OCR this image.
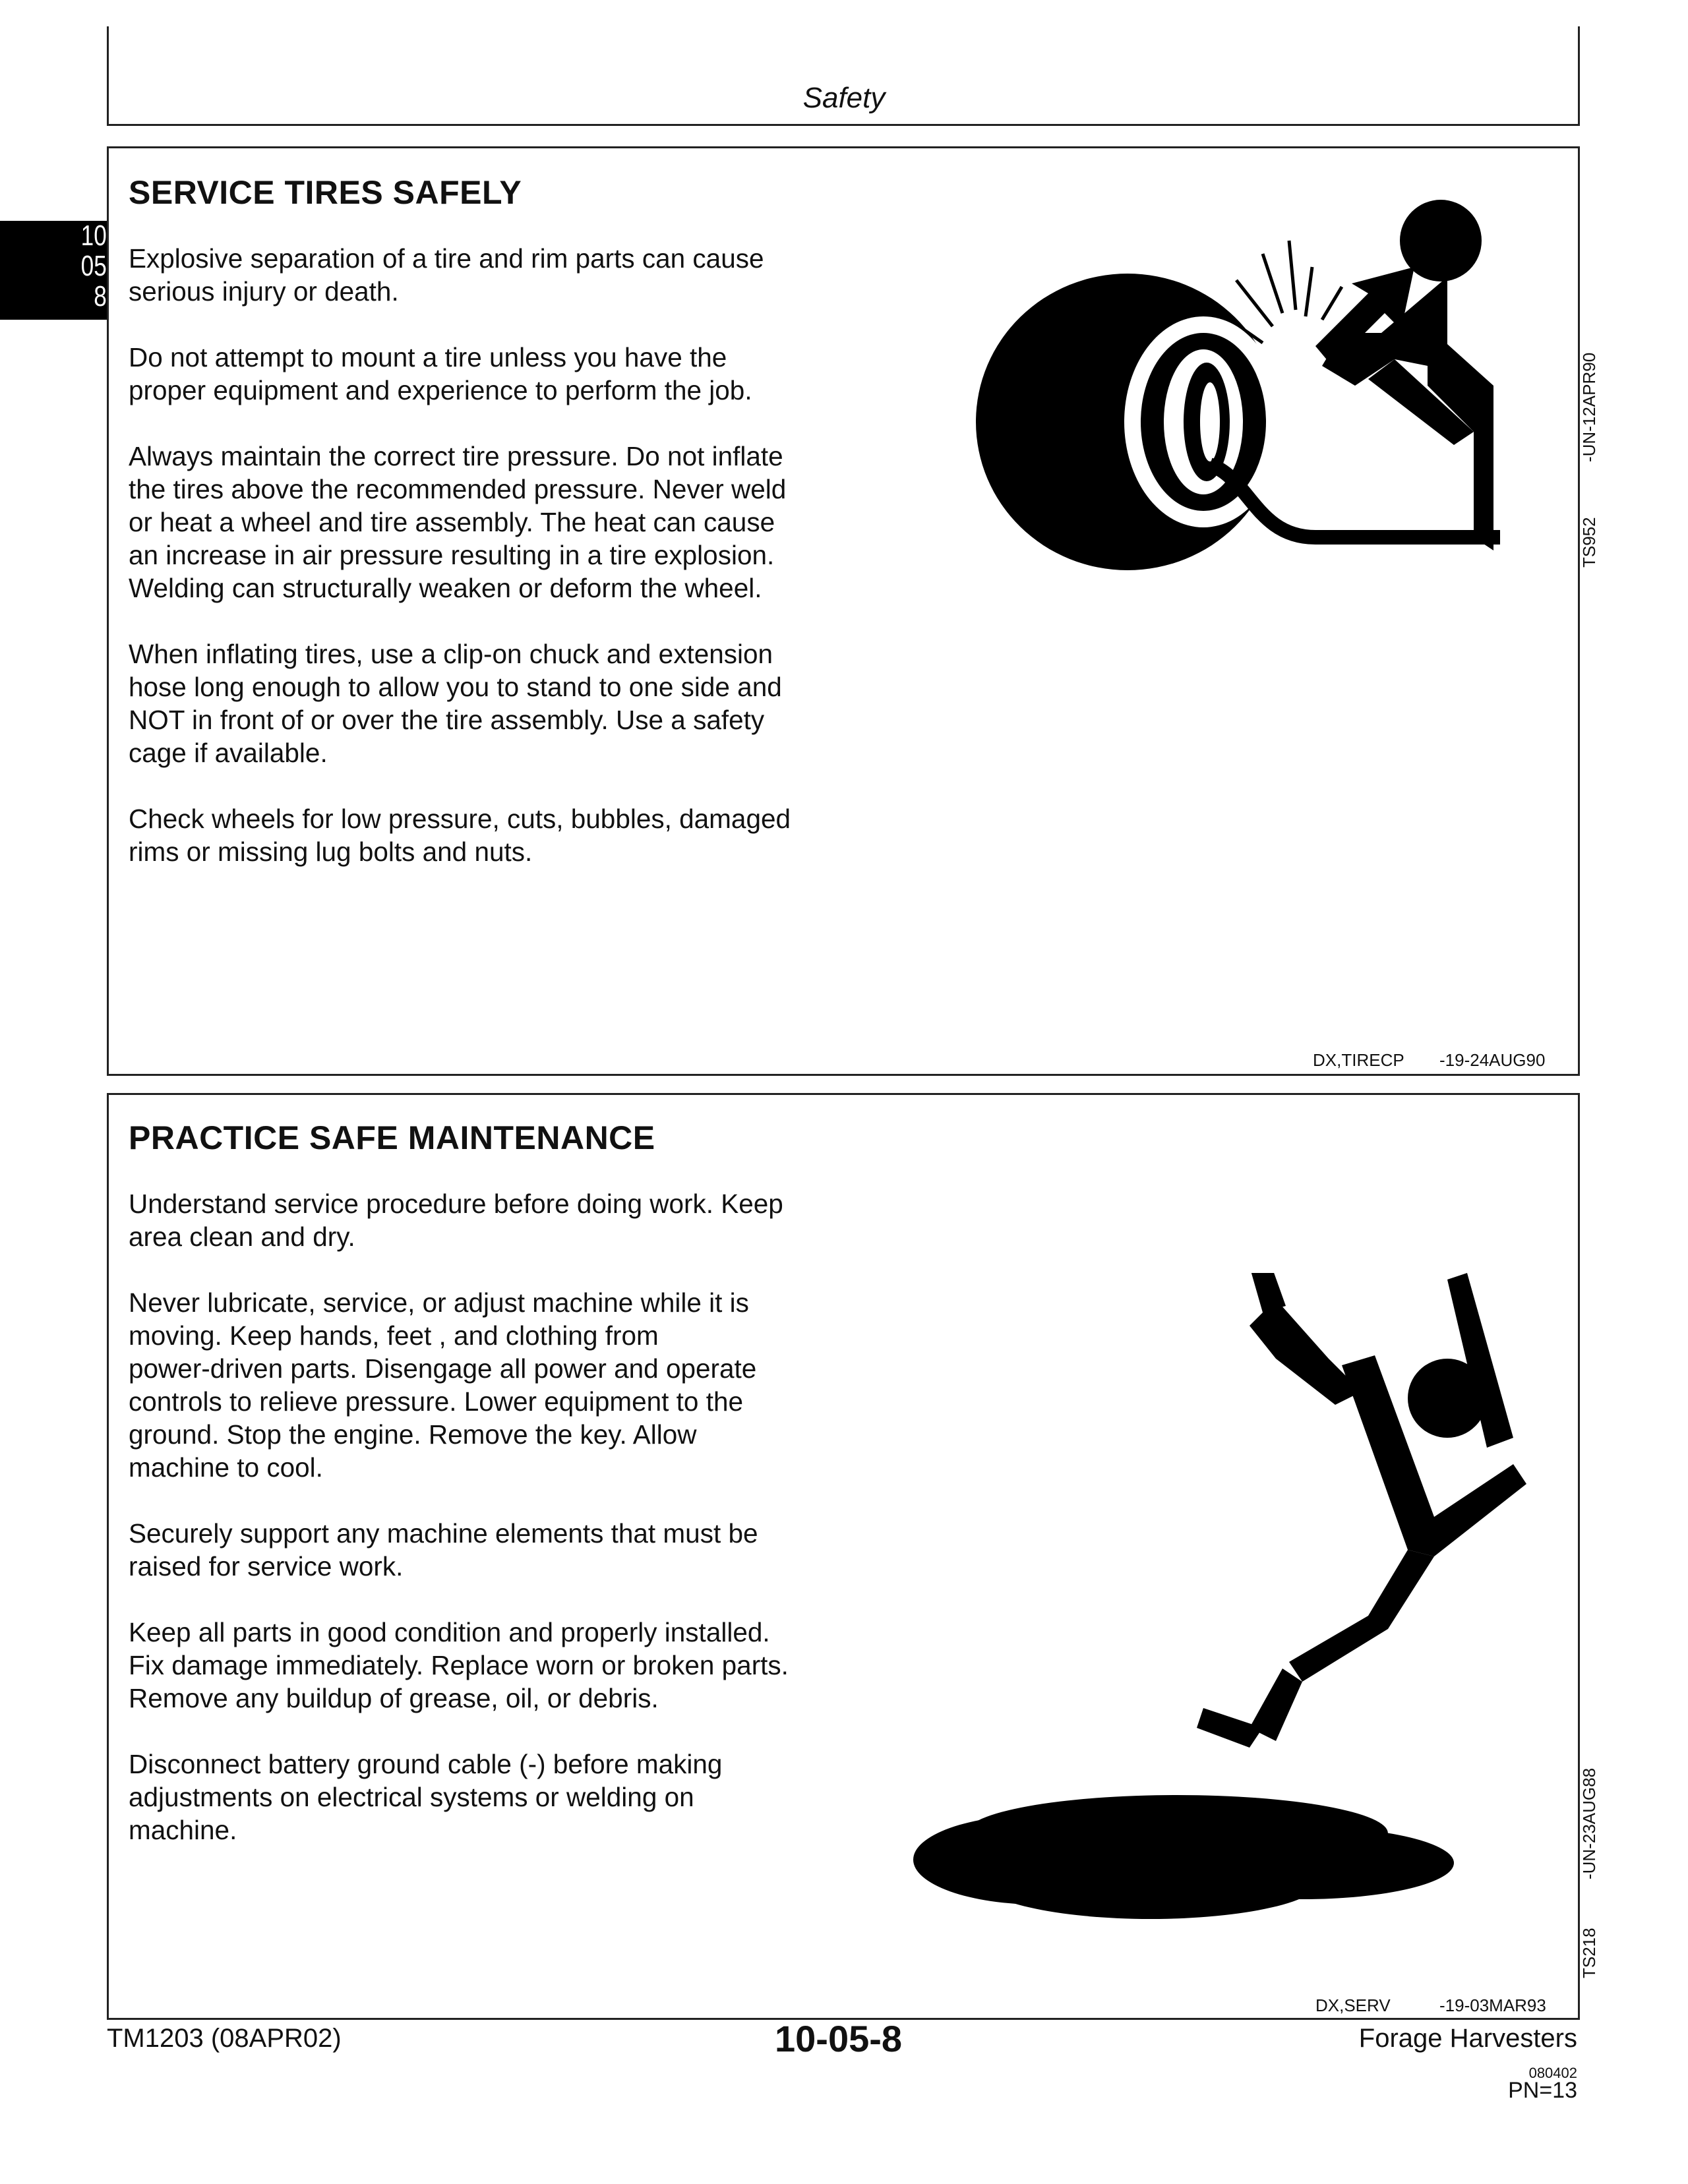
Safety
10
05
8
SERVICE TIRES SAFELY

Explosive separation of a tire and rim parts can cause
serious injury or death.

Do not attempt to mount a tire unless you have the
proper equipment and experience to perform the job.

Always maintain the correct tire pressure. Do not inflate
the tires above the recommended pressure. Never weld
or heat a wheel and tire assembly. The heat can cause
an increase in air pressure resulting in a tire explosion.
Welding can structurally weaken or deform the wheel.

When inflating tires, use a clip-on chuck and extension
hose long enough to allow you to stand to one side and
NOT in front of or over the tire assembly. Use a safety
cage if available.

Check wheels for low pressure, cuts, bubbles, damaged
rims or missing lug bolts and nuts.

-UN-12APR90
TS952
DX,TIRECP -19-24AUG90
PRACTICE SAFE MAINTENANCE

Understand service procedure before doing work. Keep
area clean and dry.

Never lubricate, service, or adjust machine while it is
moving. Keep hands, feet , and clothing from
power-driven parts. Disengage all power and operate
controls to relieve pressure. Lower equipment to the
ground. Stop the engine. Remove the key. Allow
machine to cool.

Securely support any machine elements that must be
raised for service work.

Keep all parts in good condition and properly installed.
Fix damage immediately. Replace worn or broken parts.
Remove any buildup of grease, oil, or debris.

Disconnect battery ground cable (-) before making
adjustments on electrical systems or welding on
machine.	-UN-23AUG88
TS218
DX,SERV	-19-03MAR93
TM1203 (08APR02)	10-05-8	Forage Harvesters
080402
PN=13
